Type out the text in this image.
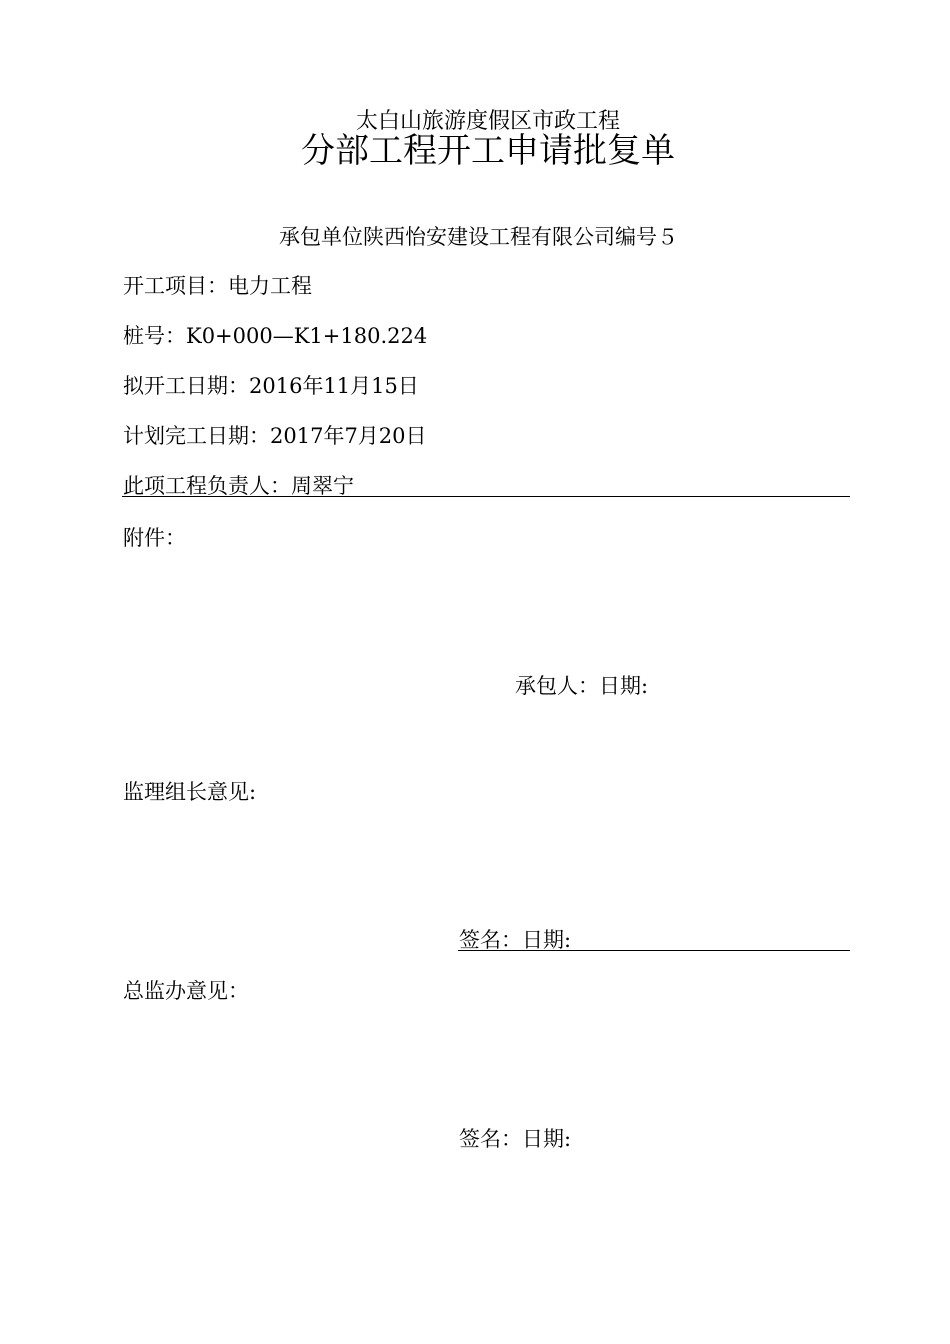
太白山旅游度假区市政工程
分部工程开工申请批复单
承包单位陕西怡安建设工程有限公司编号５
开工项目：电力工程
桩号：K0+000—K1+180.224
拟开工日期：2016年11月15日
计划完工日期：2017年7月20日
此项工程负责人：周翠宁
附件：
承包人：日期:
监理组长意见:
签名：日期:
总监办意见：
签名：日期:
